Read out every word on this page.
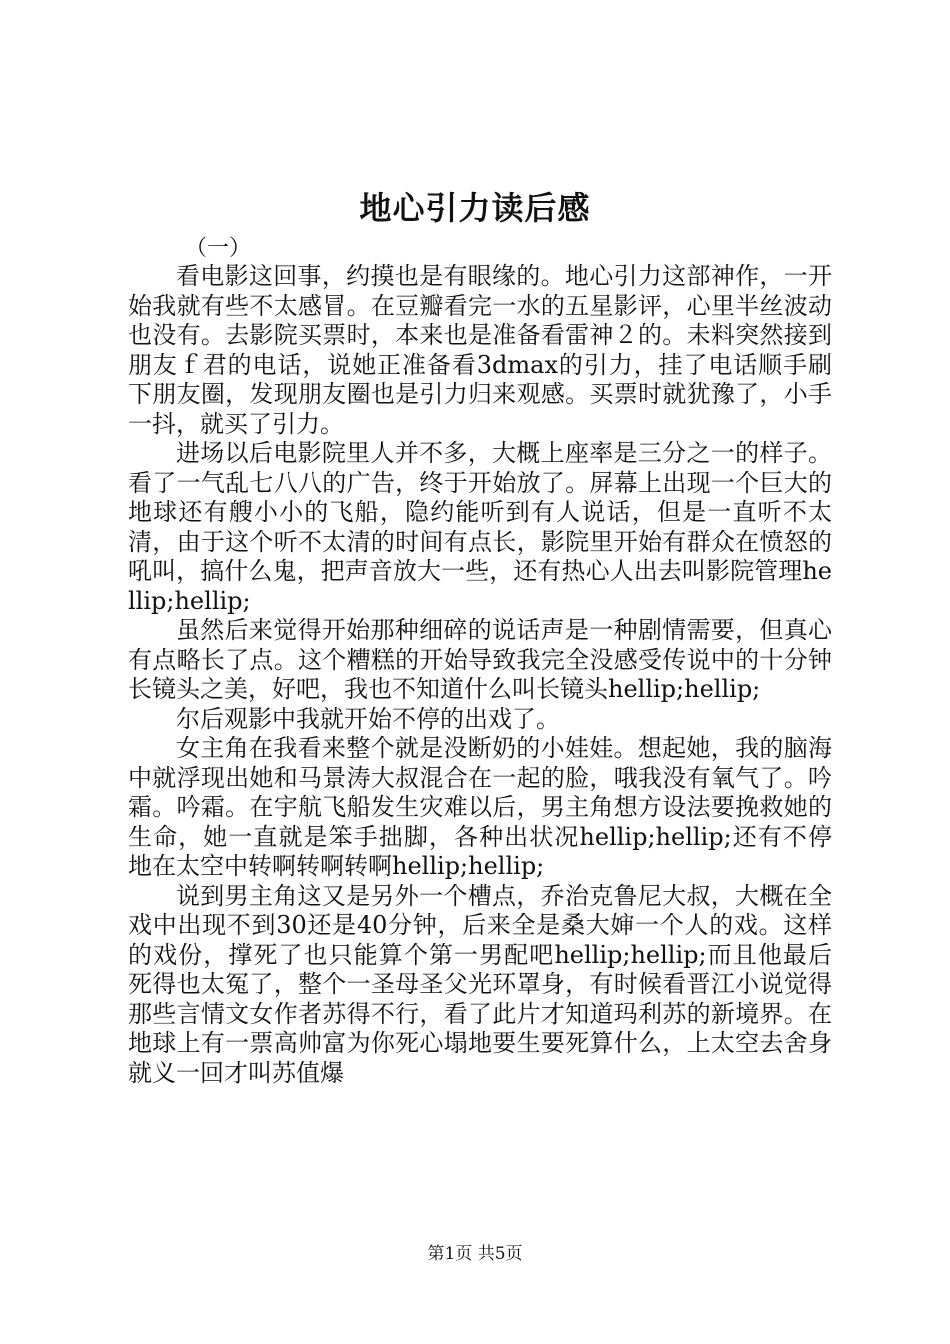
地心引力读后感
（一）

看电影这回事，约摸也是有眼缘的。地心引力这部神作，一开始我就有些不太感冒。在豆瓣看完一水的五星影评，心里半丝波动也没有。去影院买票时，本来也是准备看雷神２的。未料突然接到朋友ｆ君的电话，说她正准备看3dmax的引力，挂了电话顺手刷下朋友圈，发现朋友圈也是引力归来观感。买票时就犹豫了，小手一抖，就买了引力。

进场以后电影院里人并不多，大概上座率是三分之一的样子。看了一气乱七八八的广告，终于开始放了。屏幕上出现一个巨大的地球还有艘小小的飞船，隐约能听到有人说话，但是一直听不太清，由于这个听不太清的时间有点长，影院里开始有群众在愤怒的吼叫，搞什么鬼，把声音放大一些，还有热心人出去叫影院管理hellip;hellip;

虽然后来觉得开始那种细碎的说话声是一种剧情需要，但真心有点略长了点。这个糟糕的开始导致我完全没感受传说中的十分钟长镜头之美，好吧，我也不知道什么叫长镜头hellip;hellip;

尔后观影中我就开始不停的出戏了。

女主角在我看来整个就是没断奶的小娃娃。想起她，我的脑海中就浮现出她和马景涛大叔混合在一起的脸，哦我没有氧气了。吟霜。吟霜。在宇航飞船发生灾难以后，男主角想方设法要挽救她的生命，她一直就是笨手拙脚，各种出状况hellip;hellip;还有不停地在太空中转啊转啊转啊hellip;hellip;

说到男主角这又是另外一个槽点，乔治克鲁尼大叔，大概在全戏中出现不到30还是40分钟，后来全是桑大婶一个人的戏。这样的戏份，撑死了也只能算个第一男配吧hellip;hellip;而且他最后死得也太冤了，整个一圣母圣父光环罩身，有时候看晋江小说觉得那些言情文女作者苏得不行，看了此片才知道玛利苏的新境界。在地球上有一票高帅富为你死心塌地要生要死算什么，上太空去舍身就义一回才叫苏值爆

第1页 共5页
